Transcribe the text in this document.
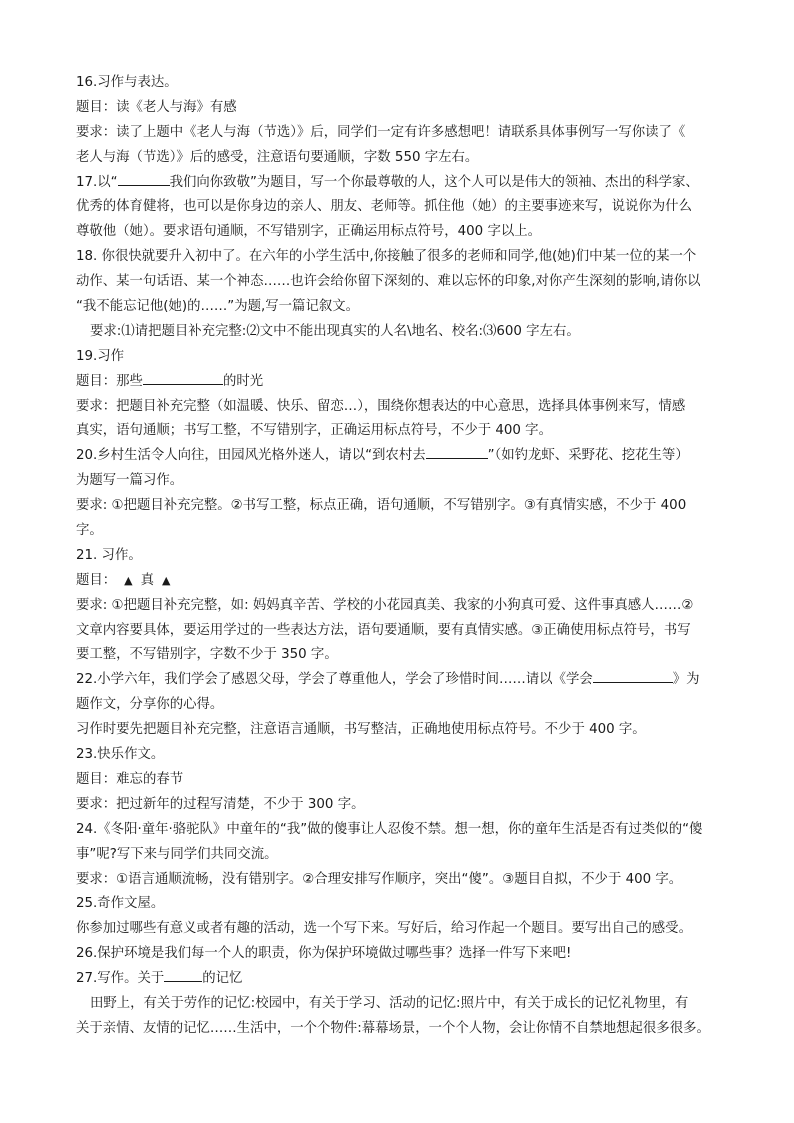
16.习作与表达。
题目：读《老人与海》有感
要求：读了上题中《老人与海（节选）》后，同学们一定有许多感想吧！请联系具体事例写一写你读了《
老人与海（节选）》后的感受，注意语句要通顺，字数 550 字左右。
17.以“	我们向你致敬”为题目，写一个你最尊敬的人，这个人可以是伟大的领袖、杰出的科学家、
优秀的体育健将，也可以是你身边的亲人、朋友、老师等。抓住他（她）的主要事迹来写，说说你为什么
尊敬他（她）。要求语句通顺，不写错别字，正确运用标点符号，400 字以上。
18. 你很快就要升入初中了。在六年的小学生活中,你接触了很多的老师和同学,他(她)们中某一位的某一个
动作、某一句话语、某一个神态……也许会给你留下深刻的、难以忘怀的印象,对你产生深刻的影响,请你以
“我不能忘记他(她)的……”为题,写一篇记叙文。
要求:⑴请把题目补充完整:⑵文中不能出现真实的人名\地名、校名:⑶600 字左右。
19.习作
题目：那些	的时光
要求：把题目补充完整（如温暖、快乐、留恋…），围绕你想表达的中心意思，选择具体事例来写，情感
真实，语句通顺；书写工整，不写错别字，正确运用标点符号，不少于 400 字。
20.乡村生活令人向往，田园风光格外迷人，请以“到农村去	”（如钓龙虾、采野花、挖花生等）
为题写一篇习作。
要求: ①把题目补充完整。②书写工整，标点正确，语句通顺，不写错别字。③有真情实感，不少于 400
字。
21. 习作。
题目： ▲ 真 ▲
要求: ①把题目补充完整，如: 妈妈真辛苦、学校的小花园真美、我家的小狗真可爱、这件事真感人……②
文章内容要具体，要运用学过的一些表达方法，语句要通顺，要有真情实感。③正确使用标点符号，书写
要工整，不写错别字，字数不少于 350 字。
22.小学六年，我们学会了感恩父母，学会了尊重他人，学会了珍惜时间……请以《学会	》为
题作文，分享你的心得。
习作时要先把题目补充完整，注意语言通顺，书写整洁，正确地使用标点符号。不少于 400 字。
23.快乐作文。
题目：难忘的春节
要求：把过新年的过程写清楚，不少于 300 字。
24.《冬阳·童年·骆驼队》中童年的“我”做的傻事让人忍俊不禁。想一想，你的童年生活是否有过类似的“傻
事”呢?写下来与同学们共同交流。
要求：①语言通顺流畅，没有错别字。②合理安排写作顺序，突出“傻”。③题目自拟，不少于 400 字。
25.奇作文屋。
你参加过哪些有意义或者有趣的活动，选一个写下来。写好后，给习作起一个题目。要写出自己的感受。
26.保护环境是我们每一个人的职责，你为保护环境做过哪些事？选择一件写下来吧!
27.写作。关于	的记忆
田野上，有关于劳作的记忆:校园中，有关于学习、活动的记忆:照片中，有关于成长的记忆礼物里，有
关于亲情、友情的记忆……生活中，一个个物件:幕幕场景，一个个人物，会让你情不自禁地想起很多很多。
